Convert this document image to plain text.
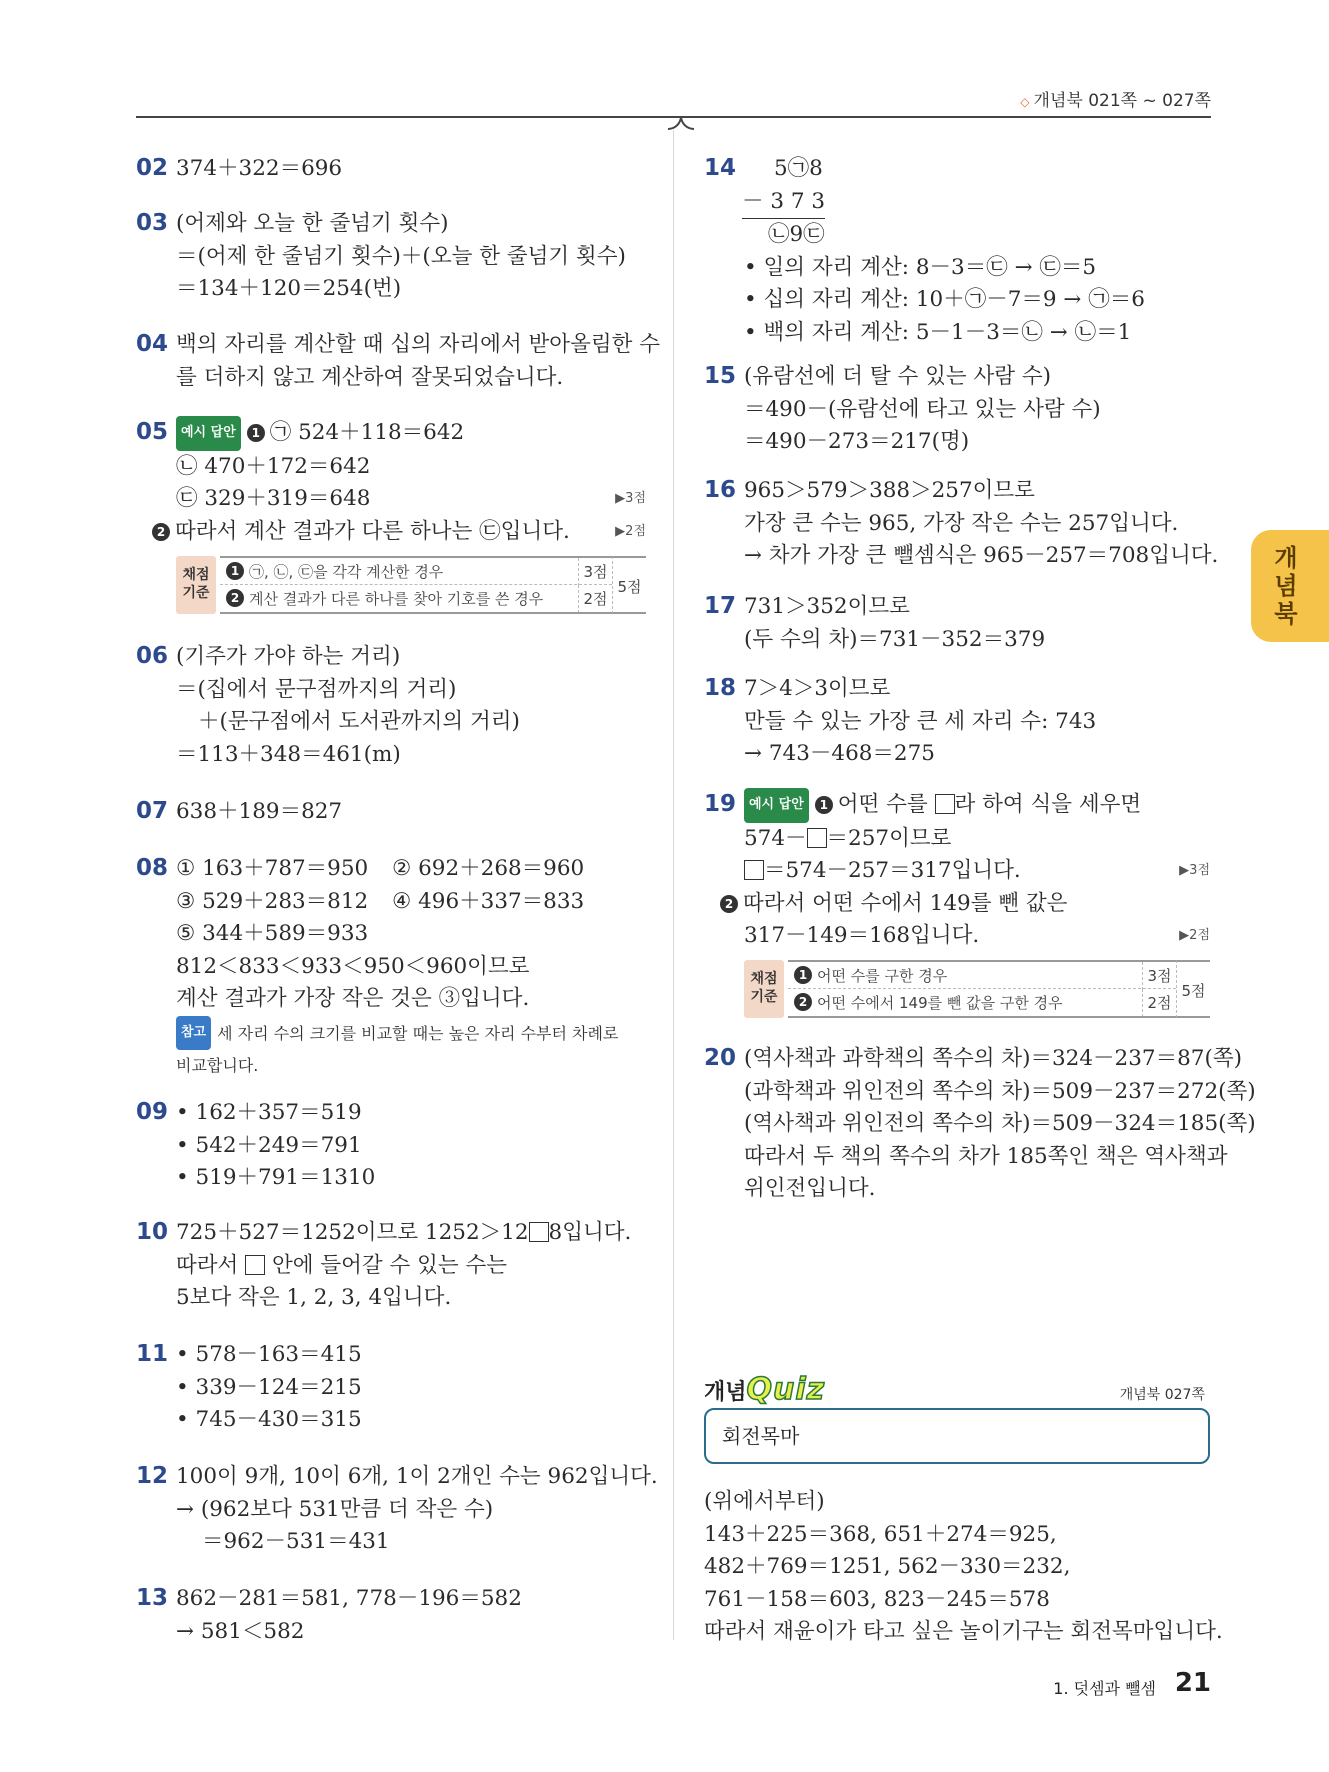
◇ 개념북 021쪽 ~ 027쪽
02 374＋322＝696
03 (어제와 오늘 한 줄넘기 횟수)
＝(어제 한 줄넘기 횟수)＋(오늘 한 줄넘기 횟수)
＝134＋120＝254(번)
04 백의 자리를 계산할 때 십의 자리에서 받아올림한 수
를 더하지 않고 계산하여 잘못되었습니다.
05 예시 답안 1 ㉠ 524＋118＝642
㉡ 470＋172＝642
㉢ 329＋319＝648	▶3점
2 따라서 계산 결과가 다른 하나는 ㉢입니다.	▶2점
채점 기준
1 ㉠, ㉡, ㉢을 각각 계산한 경우	3점
2 계산 결과가 다른 하나를 찾아 기호를 쓴 경우	2점
5점
06 (기주가 가야 하는 거리)
＝(집에서 문구점까지의 거리)
＋(문구점에서 도서관까지의 거리)
＝113＋348＝461(m)
07 638＋189＝827
08 ① 163＋787＝950 ② 692＋268＝960
③ 529＋283＝812 ④ 496＋337＝833
⑤ 344＋589＝933
812＜833＜933＜950＜960이므로
계산 결과가 가장 작은 것은 ③입니다.
참고 세 자리 수의 크기를 비교할 때는 높은 자리 수부터 차례로
비교합니다.
09 • 162＋357＝519
• 542＋249＝791
• 519＋791＝1310
10 725＋527＝1252이므로 1252＞12 8입니다.
따라서  안에 들어갈 수 있는 수는
5보다 작은 1, 2, 3, 4입니다.
11 • 578－163＝415
• 339－124＝215
• 745－430＝315
12 100이 9개, 10이 6개, 1이 2개인 수는 962입니다.
→ (962보다 531만큼 더 작은 수)
＝962－531＝431
13 862－281＝581, 778－196＝582
→ 581＜582
14 5㉠8
－ 3 7 3
㉡9㉢
• 일의 자리 계산: 8－3＝㉢ → ㉢＝5
• 십의 자리 계산: 10＋㉠－7＝9 → ㉠＝6
• 백의 자리 계산: 5－1－3＝㉡ → ㉡＝1
15 (유람선에 더 탈 수 있는 사람 수)
＝490－(유람선에 타고 있는 사람 수)
＝490－273＝217(명)
16 965＞579＞388＞257이므로
가장 큰 수는 965, 가장 작은 수는 257입니다.
→ 차가 가장 큰 뺄셈식은 965－257＝708입니다.
17 731＞352이므로
(두 수의 차)＝731－352＝379
18 7＞4＞3이므로
만들 수 있는 가장 큰 세 자리 수: 743
→ 743－468＝275
19 예시 답안 1 어떤 수를 라 하여 식을 세우면
574－ ＝257이므로
＝574－257＝317입니다.	▶3점
2 따라서 어떤 수에서 149를 뺀 값은
317－149＝168입니다.	▶2점
채점 기준
1 어떤 수를 구한 경우	3점
2 어떤 수에서 149를 뺀 값을 구한 경우	2점
5점
20 (역사책과 과학책의 쪽수의 차)＝324－237＝87(쪽)
(과학책과 위인전의 쪽수의 차)＝509－237＝272(쪽)
(역사책과 위인전의 쪽수의 차)＝509－324＝185(쪽)
따라서 두 책의 쪽수의 차가 185쪽인 책은 역사책과
위인전입니다.
개념Quiz	개념북 027쪽
회전목마
(위에서부터)
143＋225＝368, 651＋274＝925,
482＋769＝1251, 562－330＝232,
761－158＝603, 823－245＝578
따라서 재윤이가 타고 싶은 놀이기구는 회전목마입니다.
개념북
1. 덧셈과 뺄셈 21
